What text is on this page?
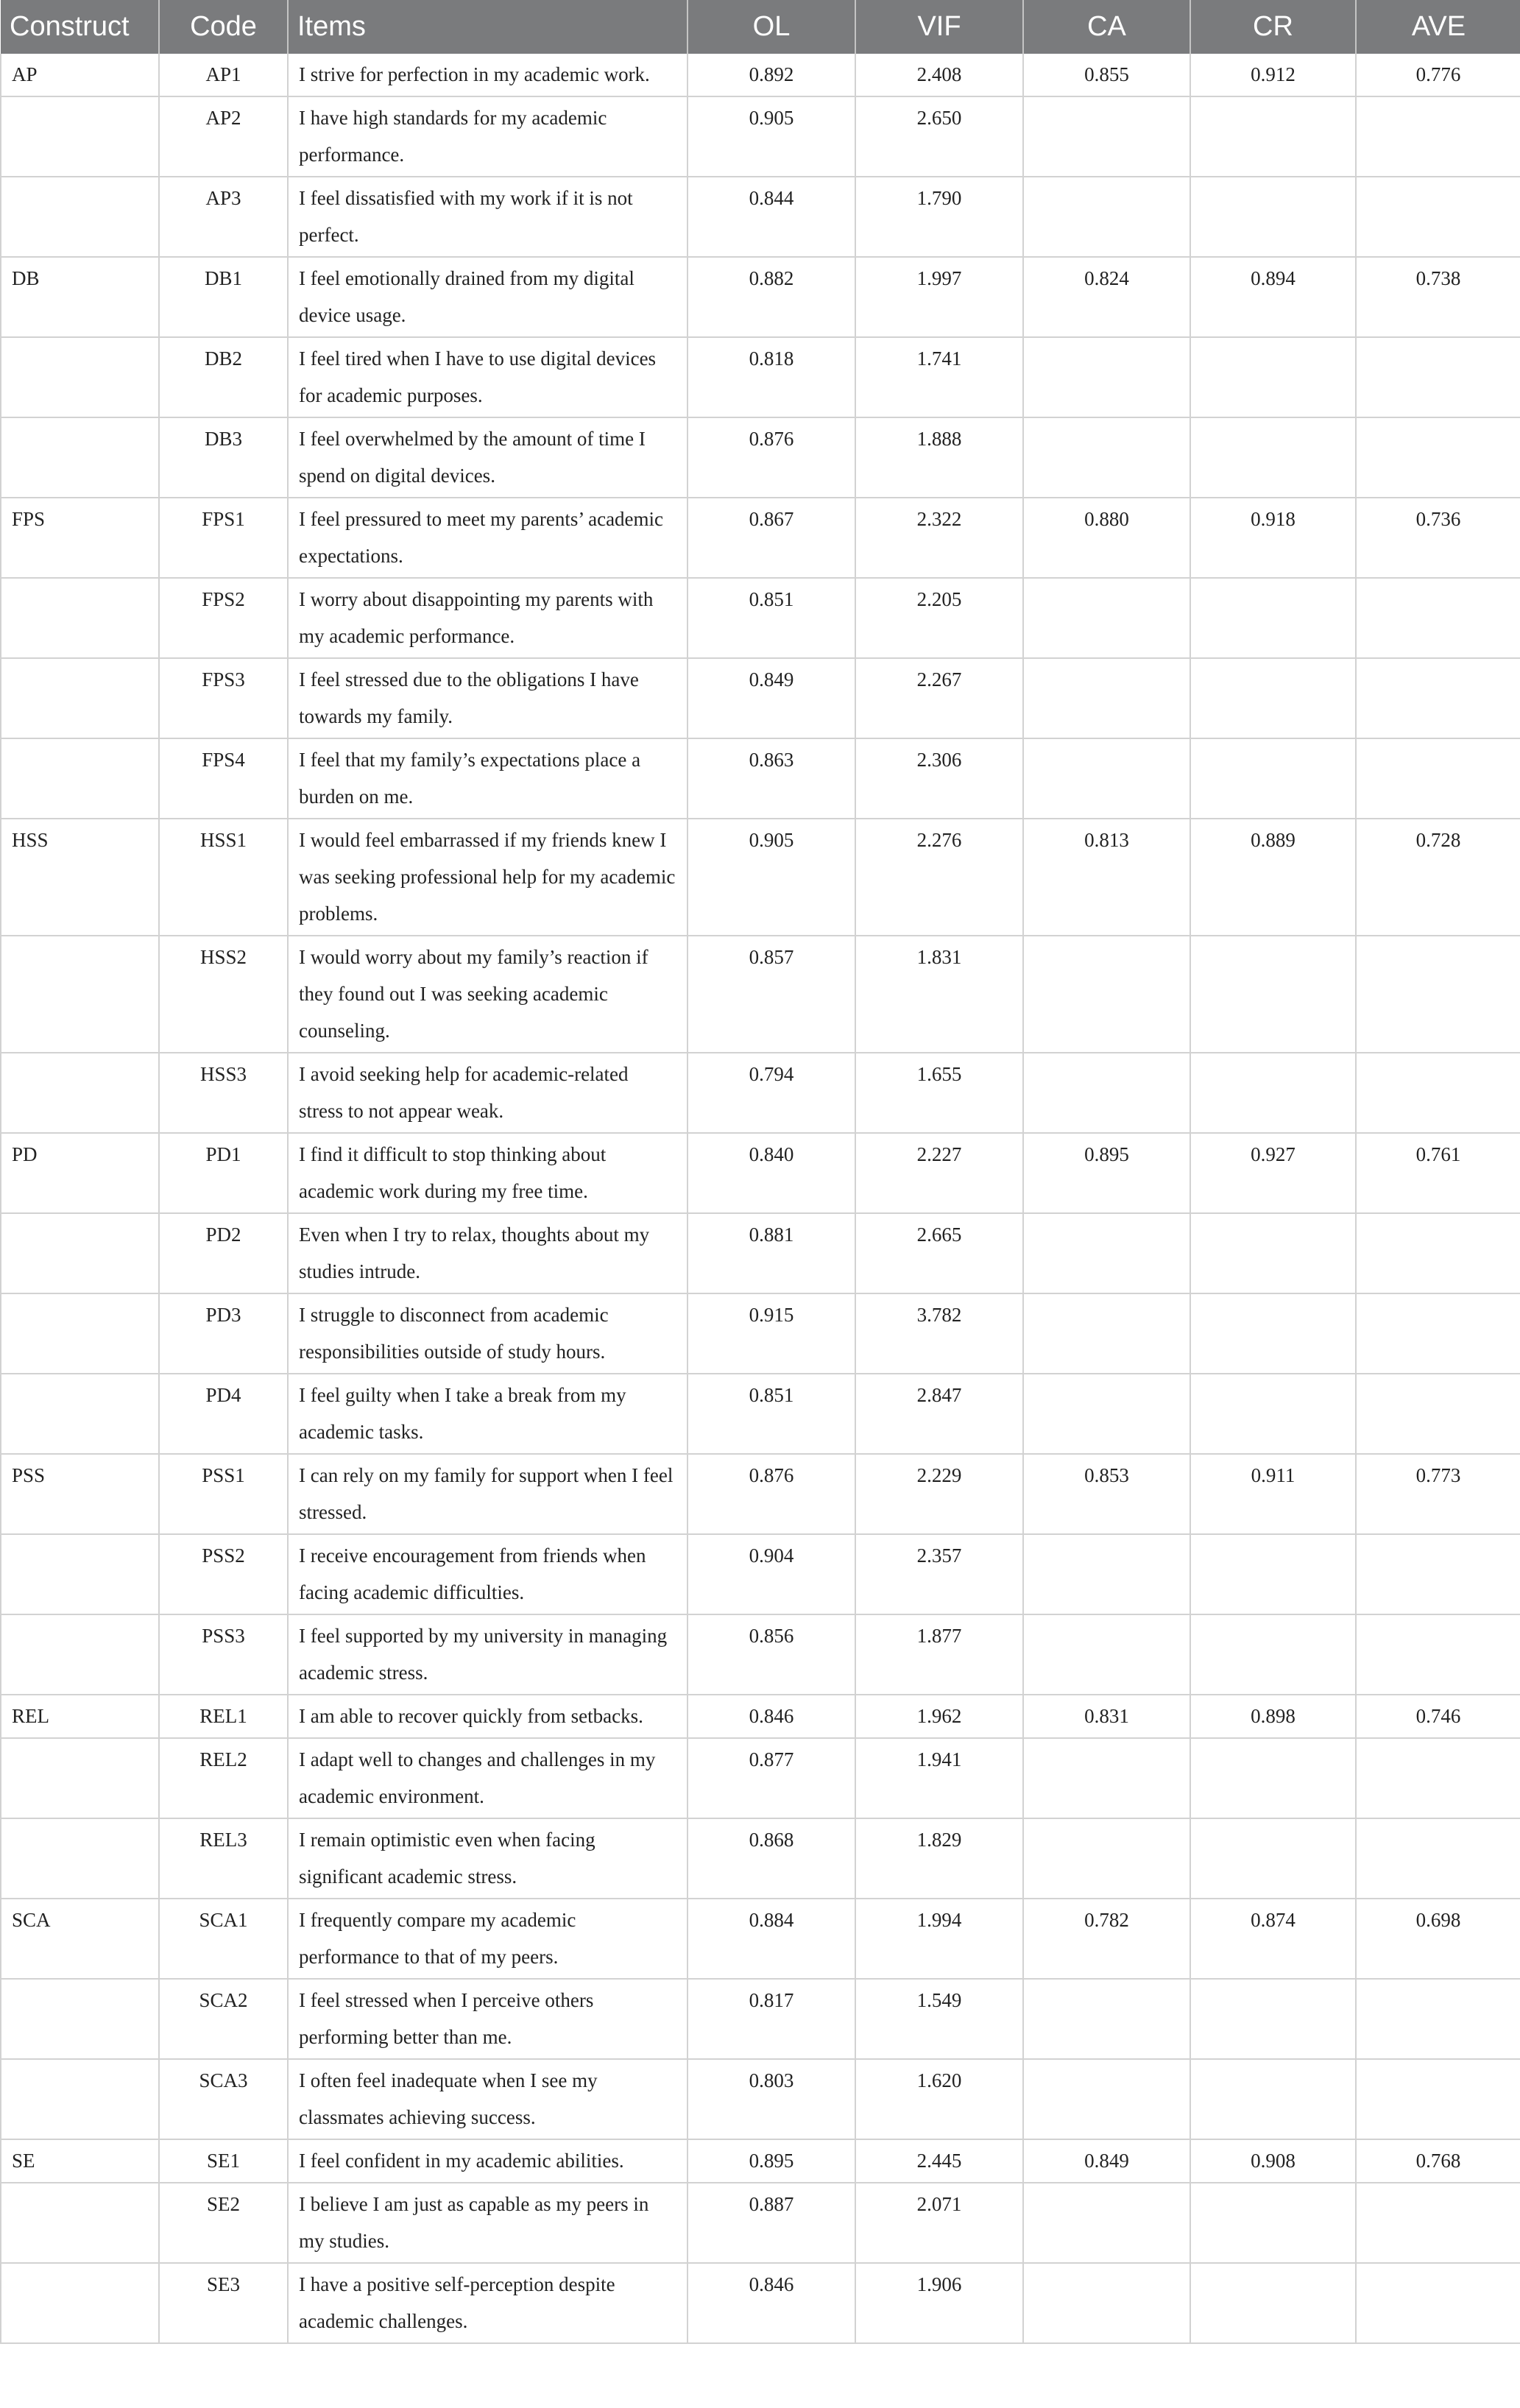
Construct	Code	Items	OL	VIF	CA	CR	AVE
AP	AP1	I strive for perfection in my academic work.	0.892	2.408	0.855	0.912	0.776
	AP2	I have high standards for my academic performance.	0.905	2.650			
	AP3	I feel dissatisfied with my work if it is not perfect.	0.844	1.790			
DB	DB1	I feel emotionally drained from my digital device usage.	0.882	1.997	0.824	0.894	0.738
	DB2	I feel tired when I have to use digital devices for academic purposes.	0.818	1.741			
	DB3	I feel overwhelmed by the amount of time I spend on digital devices.	0.876	1.888			
FPS	FPS1	I feel pressured to meet my parents’ academic expectations.	0.867	2.322	0.880	0.918	0.736
	FPS2	I worry about disappointing my parents with my academic performance.	0.851	2.205			
	FPS3	I feel stressed due to the obligations I have towards my family.	0.849	2.267			
	FPS4	I feel that my family’s expectations place a burden on me.	0.863	2.306			
HSS	HSS1	I would feel embarrassed if my friends knew I was seeking professional help for my academic problems.	0.905	2.276	0.813	0.889	0.728
	HSS2	I would worry about my family’s reaction if they found out I was seeking academic counseling.	0.857	1.831			
	HSS3	I avoid seeking help for academic-related stress to not appear weak.	0.794	1.655			
PD	PD1	I find it difficult to stop thinking about academic work during my free time.	0.840	2.227	0.895	0.927	0.761
	PD2	Even when I try to relax, thoughts about my studies intrude.	0.881	2.665			
	PD3	I struggle to disconnect from academic responsibilities outside of study hours.	0.915	3.782			
	PD4	I feel guilty when I take a break from my academic tasks.	0.851	2.847			
PSS	PSS1	I can rely on my family for support when I feel stressed.	0.876	2.229	0.853	0.911	0.773
	PSS2	I receive encouragement from friends when facing academic difficulties.	0.904	2.357			
	PSS3	I feel supported by my university in managing academic stress.	0.856	1.877			
REL	REL1	I am able to recover quickly from setbacks.	0.846	1.962	0.831	0.898	0.746
	REL2	I adapt well to changes and challenges in my academic environment.	0.877	1.941			
	REL3	I remain optimistic even when facing significant academic stress.	0.868	1.829			
SCA	SCA1	I frequently compare my academic performance to that of my peers.	0.884	1.994	0.782	0.874	0.698
	SCA2	I feel stressed when I perceive others performing better than me.	0.817	1.549			
	SCA3	I often feel inadequate when I see my classmates achieving success.	0.803	1.620			
SE	SE1	I feel confident in my academic abilities.	0.895	2.445	0.849	0.908	0.768
	SE2	I believe I am just as capable as my peers in my studies.	0.887	2.071			
	SE3	I have a positive self-perception despite academic challenges.	0.846	1.906			
